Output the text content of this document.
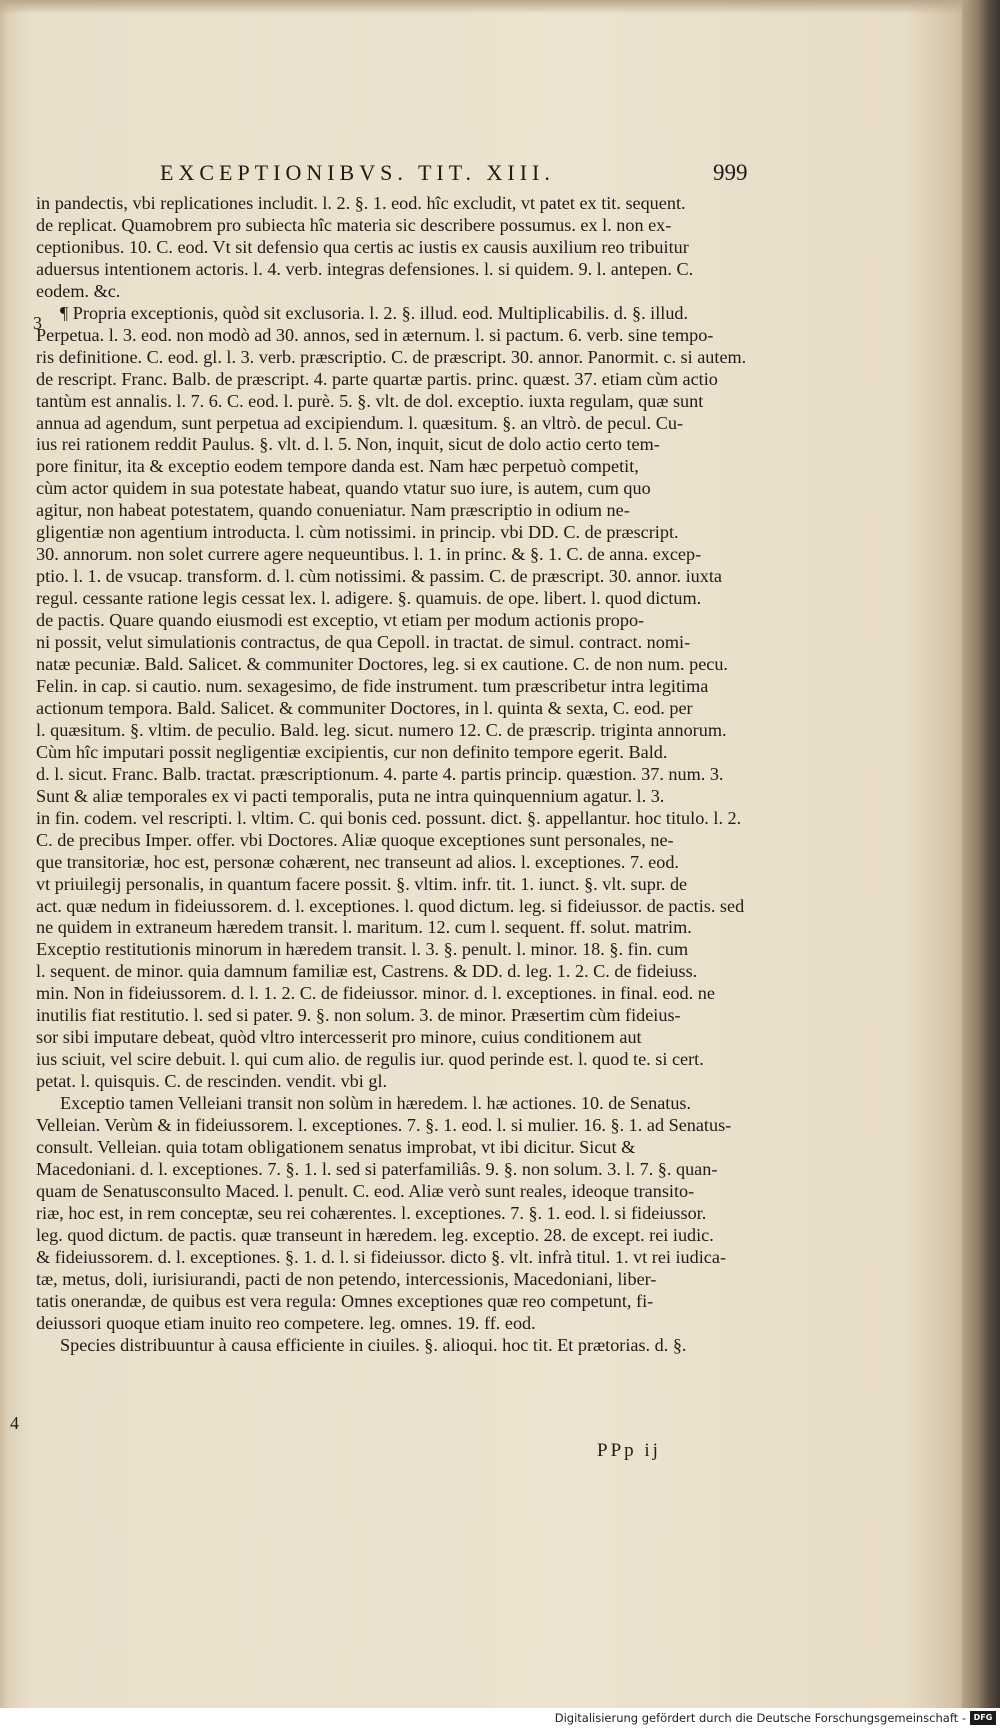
EXCEPTIONIBVS. TIT. XIII.	999
3
4
in pandectis, vbi replicationes includit. l. 2. §. 1. eod. hîc excludit, vt patet ex tit. sequent.
de replicat. Quamobrem pro subiecta hîc materia sic describere possumus. ex l. non ex-
ceptionibus. 10. C. eod. Vt sit defensio qua certis ac iustis ex causis auxilium reo tribuitur
aduersus intentionem actoris. l. 4. verb. integras defensiones. l. si quidem. 9. l. antepen. C.
eodem. &c.
¶ Propria exceptionis, quòd sit exclusoria. l. 2. §. illud. eod. Multiplicabilis. d. §. illud.
Perpetua. l. 3. eod. non modò ad 30. annos, sed in æternum. l. si pactum. 6. verb. sine tempo-
ris definitione. C. eod. gl. l. 3. verb. præscriptio. C. de præscript. 30. annor. Panormit. c. si autem.
de rescript. Franc. Balb. de præscript. 4. parte quartæ partis. princ. quæst. 37. etiam cùm actio
tantùm est annalis. l. 7. 6. C. eod. l. purè. 5. §. vlt. de dol. exceptio. iuxta regulam, quæ sunt
annua ad agendum, sunt perpetua ad excipiendum. l. quæsitum. §. an vltrò. de pecul. Cu-
ius rei rationem reddit Paulus. §. vlt. d. l. 5. Non, inquit, sicut de dolo actio certo tem-
pore finitur, ita & exceptio eodem tempore danda est. Nam hæc perpetuò competit,
cùm actor quidem in sua potestate habeat, quando vtatur suo iure, is autem, cum quo
agitur, non habeat potestatem, quando conueniatur. Nam præscriptio in odium ne-
gligentiæ non agentium introducta. l. cùm notissimi. in princip. vbi DD. C. de præscript.
30. annorum. non solet currere agere nequeuntibus. l. 1. in princ. & §. 1. C. de anna. excep-
ptio. l. 1. de vsucap. transform. d. l. cùm notissimi. & passim. C. de præscript. 30. annor. iuxta
regul. cessante ratione legis cessat lex. l. adigere. §. quamuis. de ope. libert. l. quod dictum.
de pactis. Quare quando eiusmodi est exceptio, vt etiam per modum actionis propo-
ni possit, velut simulationis contractus, de qua Cepoll. in tractat. de simul. contract. nomi-
natæ pecuniæ. Bald. Salicet. & communiter Doctores, leg. si ex cautione. C. de non num. pecu.
Felin. in cap. si cautio. num. sexagesimo, de fide instrument. tum præscribetur intra legitima
actionum tempora. Bald. Salicet. & communiter Doctores, in l. quinta & sexta, C. eod. per
l. quæsitum. §. vltim. de peculio. Bald. leg. sicut. numero 12. C. de præscrip. triginta annorum.
Cùm hîc imputari possit negligentiæ excipientis, cur non definito tempore egerit. Bald.
d. l. sicut. Franc. Balb. tractat. præscriptionum. 4. parte 4. partis princip. quæstion. 37. num. 3.
Sunt & aliæ temporales ex vi pacti temporalis, puta ne intra quinquennium agatur. l. 3.
in fin. codem. vel rescripti. l. vltim. C. qui bonis ced. possunt. dict. §. appellantur. hoc titulo. l. 2.
C. de precibus Imper. offer. vbi Doctores. Aliæ quoque exceptiones sunt personales, ne-
que transitoriæ, hoc est, personæ cohærent, nec transeunt ad alios. l. exceptiones. 7. eod.
vt priuilegij personalis, in quantum facere possit. §. vltim. infr. tit. 1. iunct. §. vlt. supr. de
act. quæ nedum in fideiussorem. d. l. exceptiones. l. quod dictum. leg. si fideiussor. de pactis. sed
ne quidem in extraneum hæredem transit. l. maritum. 12. cum l. sequent. ff. solut. matrim.
Exceptio restitutionis minorum in hæredem transit. l. 3. §. penult. l. minor. 18. §. fin. cum
l. sequent. de minor. quia damnum familiæ est, Castrens. & DD. d. leg. 1. 2. C. de fideiuss.
min. Non in fideiussorem. d. l. 1. 2. C. de fideiussor. minor. d. l. exceptiones. in final. eod. ne
inutilis fiat restitutio. l. sed si pater. 9. §. non solum. 3. de minor. Præsertim cùm fideius-
sor sibi imputare debeat, quòd vltro intercesserit pro minore, cuius conditionem aut
ius sciuit, vel scire debuit. l. qui cum alio. de regulis iur. quod perinde est. l. quod te. si cert.
petat. l. quisquis. C. de rescinden. vendit. vbi gl.
Exceptio tamen Velleiani transit non solùm in hæredem. l. hæ actiones. 10. de Senatus.
Velleian. Verùm & in fideiussorem. l. exceptiones. 7. §. 1. eod. l. si mulier. 16. §. 1. ad Senatus-
consult. Velleian. quia totam obligationem senatus improbat, vt ibi dicitur. Sicut &
Macedoniani. d. l. exceptiones. 7. §. 1. l. sed si paterfamiliâs. 9. §. non solum. 3. l. 7. §. quan-
quam de Senatusconsulto Maced. l. penult. C. eod. Aliæ verò sunt reales, ideoque transito-
riæ, hoc est, in rem conceptæ, seu rei cohærentes. l. exceptiones. 7. §. 1. eod. l. si fideiussor.
leg. quod dictum. de pactis. quæ transeunt in hæredem. leg. exceptio. 28. de except. rei iudic.
& fideiussorem. d. l. exceptiones. §. 1. d. l. si fideiussor. dicto §. vlt. infrà titul. 1. vt rei iudica-
tæ, metus, doli, iurisiurandi, pacti de non petendo, intercessionis, Macedoniani, liber-
tatis onerandæ, de quibus est vera regula: Omnes exceptiones quæ reo competunt, fi-
deiussori quoque etiam inuito reo competere. leg. omnes. 19. ff. eod.
Species distribuuntur à causa efficiente in ciuiles. §. alioqui. hoc tit. Et prætorias. d. §.
PPp ij
Digitalisierung gefördert durch die Deutsche Forschungsgemeinschaft - DFG
